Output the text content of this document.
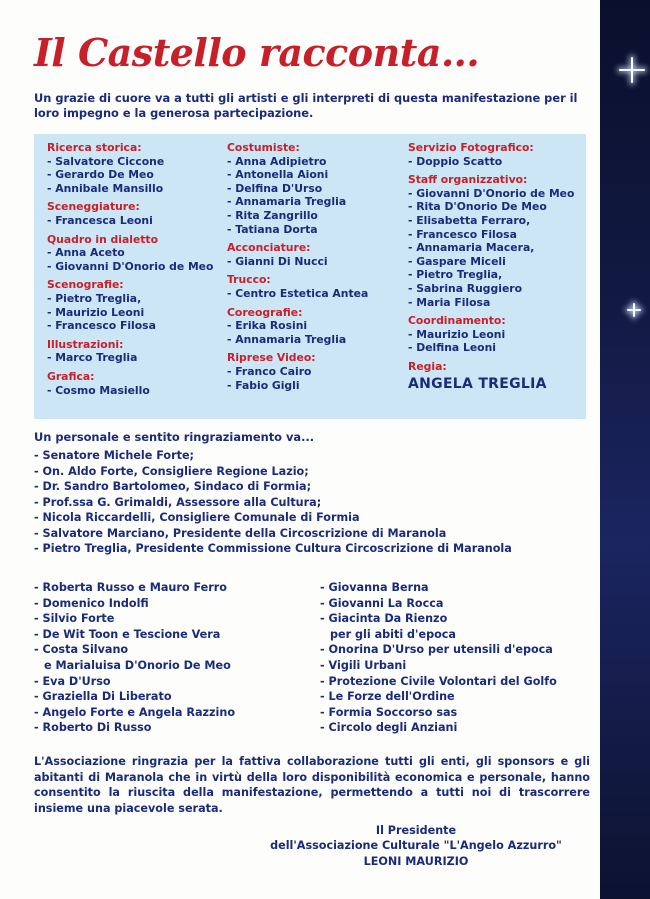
Il Castello racconta...

Un grazie di cuore va a tutti gli artisti e gli interpreti di questa manifestazione per il loro impegno e la generosa partecipazione.

Ricerca storica:
- Salvatore Ciccone
- Gerardo De Meo
- Annibale Mansillo
Sceneggiature:
- Francesca Leoni
Quadro in dialetto
- Anna Aceto
- Giovanni D'Onorio de Meo
Scenografie:
- Pietro Treglia,
- Maurizio Leoni
- Francesco Filosa
Illustrazioni:
- Marco Treglia
Grafica:
- Cosmo Masiello
Costumiste:
- Anna Adipietro
- Antonella Aioni
- Delfina D'Urso
- Annamaria Treglia
- Rita Zangrillo
- Tatiana Dorta
Acconciature:
- Gianni Di Nucci
Trucco:
- Centro Estetica Antea
Coreografie:
- Erika Rosini
- Annamaria Treglia
Riprese Video:
- Franco Cairo
- Fabio Gigli
Servizio Fotografico:
- Doppio Scatto
Staff organizzativo:
- Giovanni D'Onorio de Meo
- Rita D'Onorio De Meo
- Elisabetta Ferraro,
- Francesco Filosa
- Annamaria Macera,
- Gaspare Miceli
- Pietro Treglia,
- Sabrina Ruggiero
- Maria Filosa
Coordinamento:
- Maurizio Leoni
- Delfina Leoni
Regia:
ANGELA TREGLIA
Un personale e sentito ringraziamento va...
- Senatore Michele Forte;
- On. Aldo Forte, Consigliere Regione Lazio;
- Dr. Sandro Bartolomeo, Sindaco di Formia;
- Prof.ssa G. Grimaldi, Assessore alla Cultura;
- Nicola Riccardelli, Consigliere Comunale di Formia
- Salvatore Marciano, Presidente della Circoscrizione di Maranola
- Pietro Treglia, Presidente Commissione Cultura Circoscrizione di Maranola
- Roberta Russo e Mauro Ferro
- Domenico Indolfi
- Silvio Forte
- De Wit Toon e Tescione Vera
- Costa Silvano
e Marialuisa D'Onorio De Meo
- Eva D'Urso
- Graziella Di Liberato
- Angelo Forte e Angela Razzino
- Roberto Di Russo
- Giovanna Berna
- Giovanni La Rocca
- Giacinta Da Rienzo
per gli abiti d'epoca
- Onorina D'Urso per utensili d'epoca
- Vigili Urbani
- Protezione Civile Volontari del Golfo
- Le Forze dell'Ordine
- Formia Soccorso sas
- Circolo degli Anziani

L'Associazione ringrazia per la fattiva collaborazione tutti gli enti, gli sponsors e gli abitanti di Maranola che in virtù della loro disponibilità economica e personale, hanno consentito la riuscita della manifestazione, permettendo a tutti noi di trascorrere insieme una piacevole serata.

Il Presidente
dell'Associazione Culturale "L'Angelo Azzurro"
LEONI MAURIZIO
